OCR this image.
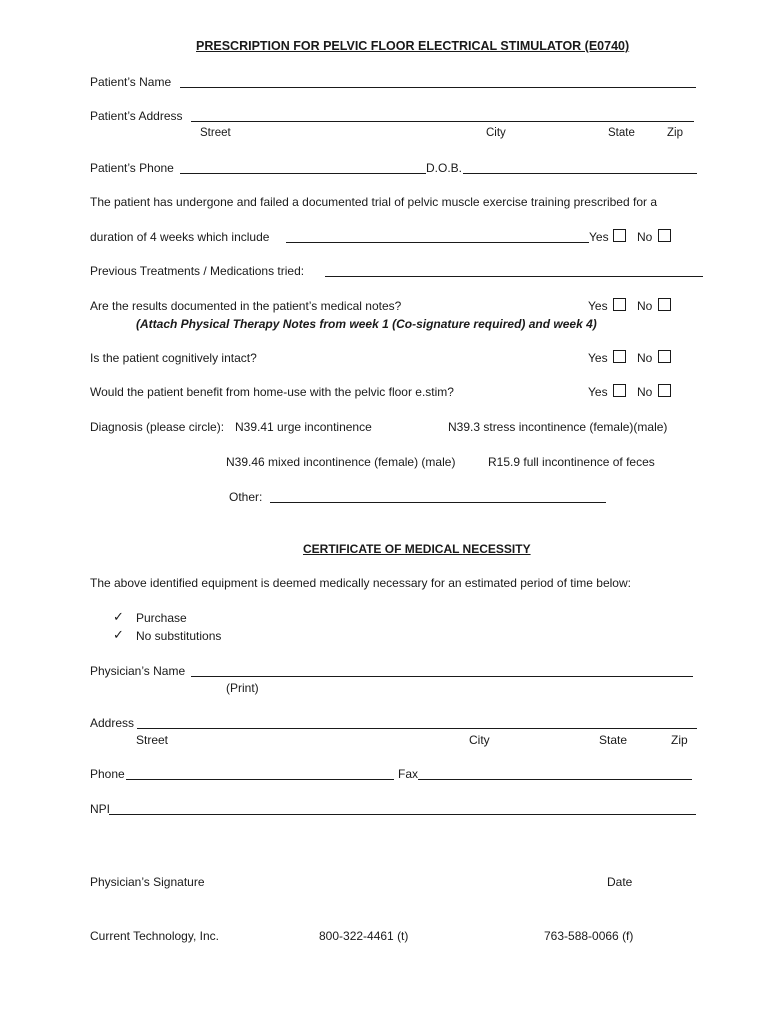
PRESCRIPTION FOR PELVIC FLOOR ELECTRICAL STIMULATOR (E0740)
Patient’s Name
Patient’s Address
Street	City	State	Zip
Patient’s Phone	D.O.B.
The patient has undergone and failed a documented trial of pelvic muscle exercise training prescribed for a
duration of 4 weeks which include	Yes No
Previous Treatments / Medications tried:
Are the results documented in the patient’s medical notes?	Yes No
(Attach Physical Therapy Notes from week 1 (Co-signature required) and week 4)
Is the patient cognitively intact?	Yes No
Would the patient benefit from home-use with the pelvic floor e.stim?	Yes No
Diagnosis (please circle): N39.41 urge incontinence	N39.3 stress incontinence (female)(male)
N39.46 mixed incontinence (female) (male)	R15.9 full incontinence of feces
Other:
CERTIFICATE OF MEDICAL NECESSITY
The above identified equipment is deemed medically necessary for an estimated period of time below:
✓ Purchase
✓ No substitutions
Physician’s Name
(Print)
Address
Street	City	State	Zip
Phone	Fax
NPI
Physician’s Signature	Date
Current Technology, Inc.	800-322-4461 (t)	763-588-0066 (f)
